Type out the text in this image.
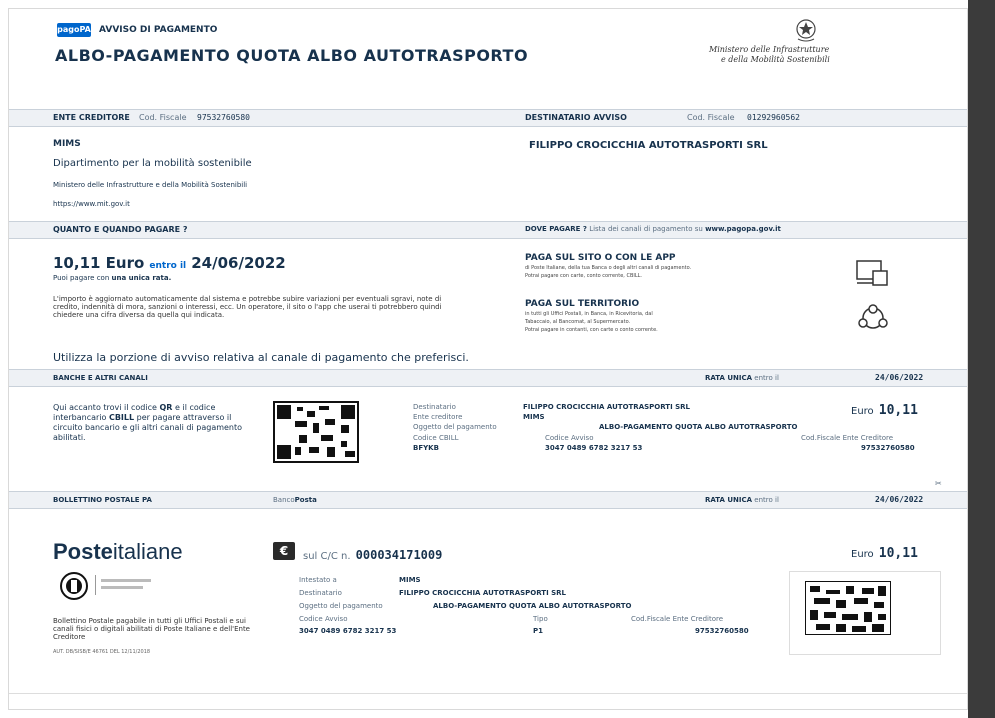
pagoPA AVVISO DI PAGAMENTO
ALBO-PAGAMENTO QUOTA ALBO AUTOTRASPORTO	Ministero delle Infrastrutture
e della Mobilità Sostenibili
ENTE CREDITORE Cod. Fiscale 97532760580	DESTINATARIO AVVISO	Cod. Fiscale 01292960562
MIMS
Dipartimento per la mobilità sostenibile
Ministero delle Infrastrutture e della Mobilità Sostenibili
https://www.mit.gov.it
FILIPPO CROCICCHIA AUTOTRASPORTI SRL
QUANTO E QUANDO PAGARE ?	DOVE PAGARE ? Lista dei canali di pagamento su www.pagopa.gov.it
10,11 Euro entro il 24/06/2022
Puoi pagare con una unica rata.
L'importo è aggiornato automaticamente dal sistema e potrebbe subire variazioni per eventuali sgravi, note di credito, indennità di mora, sanzioni o interessi, ecc. Un operatore, il sito o l'app che userai ti potrebbero quindi chiedere una cifra diversa da quella qui indicata.
PAGA SUL SITO O CON LE APP
di Poste Italiane, della tua Banca o degli altri canali di pagamento.
Potrai pagare con carte, conto corrente, CBILL.
PAGA SUL TERRITORIO
in tutti gli Uffici Postali, in Banca, in Ricevitoria, dal
Tabaccaio, al Bancomat, al Supermercato.
Potrai pagare in contanti, con carte o conto corrente.
Utilizza la porzione di avviso relativa al canale di pagamento che preferisci.
BANCHE E ALTRI CANALI	RATA UNICA entro il	24/06/2022
Qui accanto trovi il codice QR e il codice interbancario CBILL per pagare attraverso il circuito bancario e gli altri canali di pagamento abilitati.
Destinatario	FILIPPO CROCICCHIA AUTOTRASPORTI SRL
Ente creditore	MIMS
Oggetto del pagamento	ALBO-PAGAMENTO QUOTA ALBO AUTOTRASPORTO
Codice CBILL	Codice Avviso	Cod.Fiscale Ente Creditore
BFYKB	3047 0489 6782 3217 53	97532760580
Euro 10,11
✂
BOLLETTINO POSTALE PA	BancoPosta	RATA UNICA entro il	24/06/2022
Posteitaliane
Bollettino Postale pagabile in tutti gli Uffici Postali e sui canali fisici o digitali abilitati di Poste Italiane e dell'Ente Creditore
AUT. DB/SISB/E 46761 DEL 12/11/2018
€	sul C/C n. 000034171009	Euro 10,11
Intestato a	MIMS
Destinatario	FILIPPO CROCICCHIA AUTOTRASPORTI SRL
Oggetto del pagamento	ALBO-PAGAMENTO QUOTA ALBO AUTOTRASPORTO
Codice Avviso	Tipo	Cod.Fiscale Ente Creditore
3047 0489 6782 3217 53	P1	97532760580
